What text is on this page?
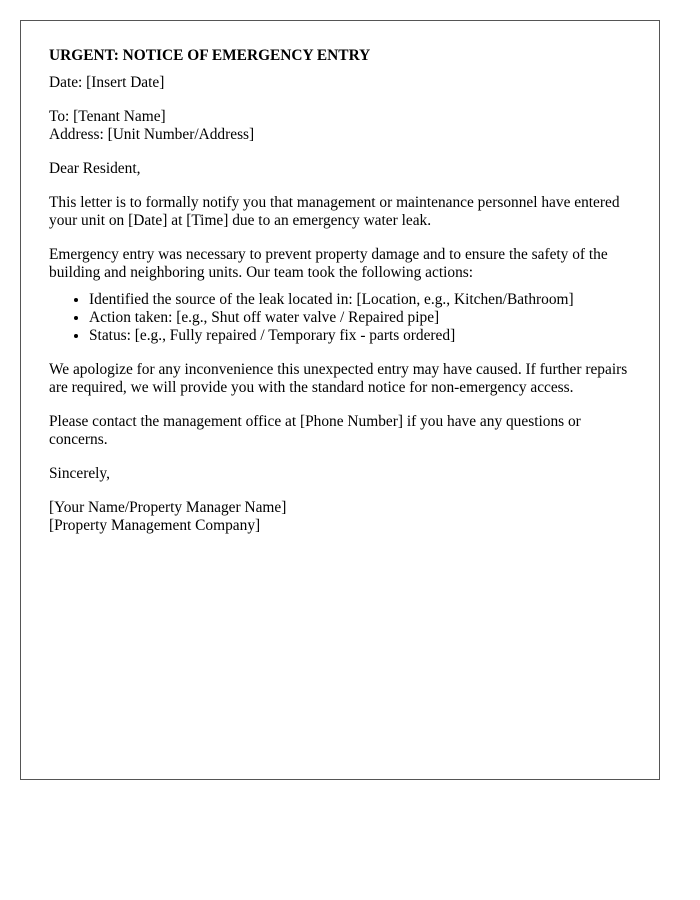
URGENT: NOTICE OF EMERGENCY ENTRY

Date: [Insert Date]

To: [Tenant Name]

Address: [Unit Number/Address]

Dear Resident,

This letter is to formally notify you that management or maintenance personnel have entered your unit on [Date] at [Time] due to an emergency water leak.

Emergency entry was necessary to prevent property damage and to ensure the safety of the building and neighboring units. Our team took the following actions:

• Identified the source of the leak located in: [Location, e.g., Kitchen/Bathroom]
• Action taken: [e.g., Shut off water valve / Repaired pipe]
• Status: [e.g., Fully repaired / Temporary fix - parts ordered]

We apologize for any inconvenience this unexpected entry may have caused. If further repairs are required, we will provide you with the standard notice for non-emergency access.

Please contact the management office at [Phone Number] if you have any questions or concerns.

Sincerely,

[Your Name/Property Manager Name]

[Property Management Company]
